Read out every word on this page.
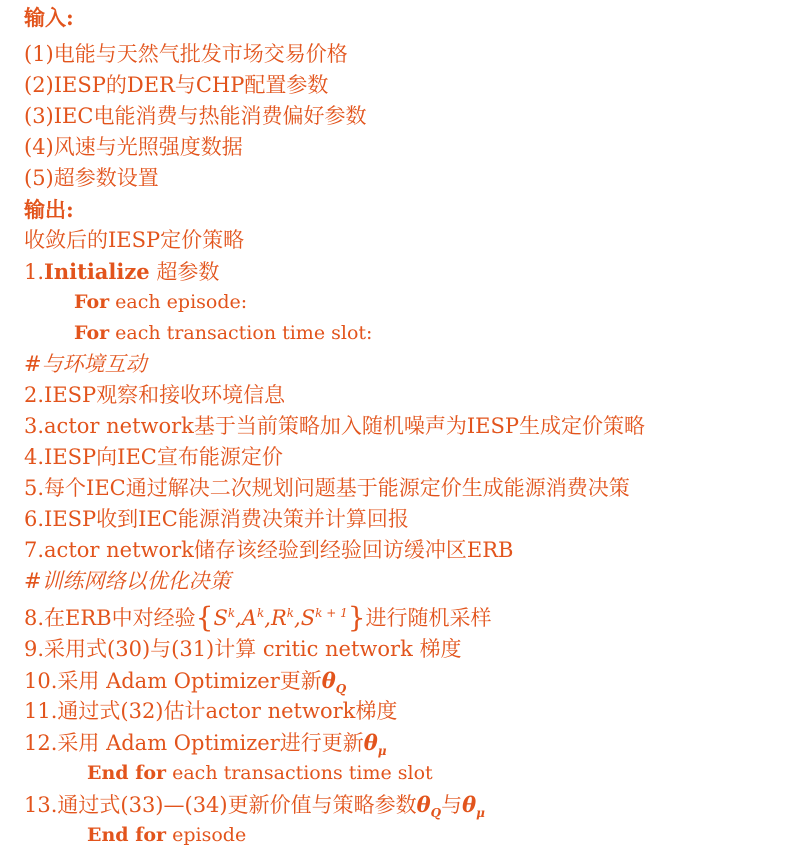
输入:
(1)电能与天然气批发市场交易价格
(2)IESP的DER与CHP配置参数
(3)IEC电能消费与热能消费偏好参数
(4)风速与光照强度数据
(5)超参数设置
输出:
收敛后的IESP定价策略
1.Initialize 超参数
For each episode:
For each transaction time slot:
#与环境互动
2.IESP观察和接收环境信息
3.actor network基于当前策略加入随机噪声为IESP生成定价策略
4.IESP向IEC宣布能源定价
5.每个IEC通过解决二次规划问题基于能源定价生成能源消费决策
6.IESP收到IEC能源消费决策并计算回报
7.actor network储存该经验到经验回访缓冲区ERB
#训练网络以优化决策
8.在ERB中对经验$\{S^k,A^k,R^k,S^{k + 1}\}$进行随机采样
9.采用式(30)与(31)计算 critic network 梯度
10.采用 Adam Optimizer更新$\theta_Q$
11.通过式(32)估计actor network梯度
12.采用 Adam Optimizer进行更新$\theta_\mu$
End for each transactions time slot
13.通过式(33)—(34)更新价值与策略参数$\theta_Q$与$\theta_\mu$
End for episode
